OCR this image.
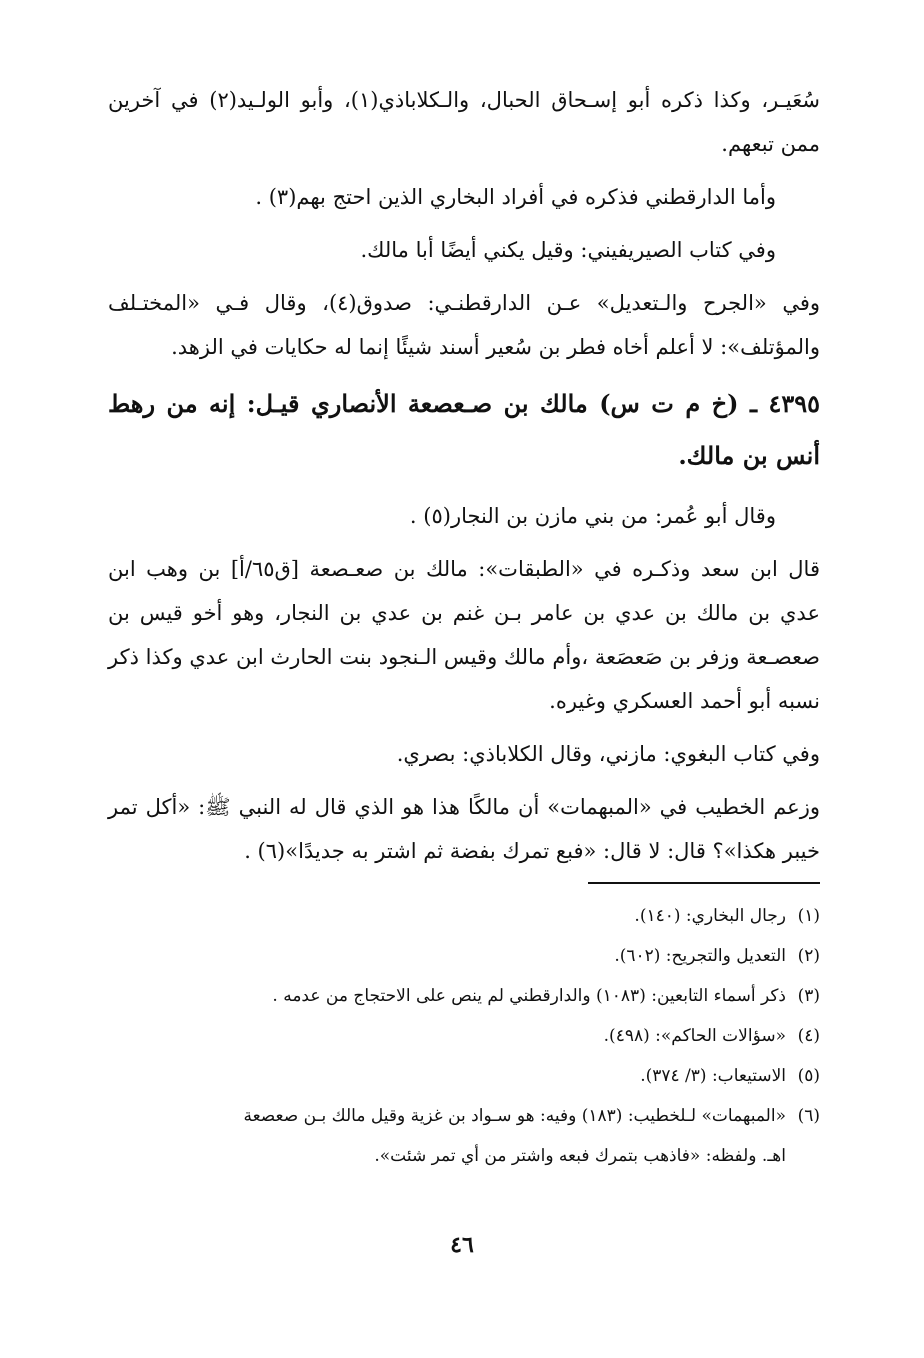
سُعَيـر، وكذا ذكره أبو إسـحاق الحبال، والـكلاباذي(١)، وأبو الولـيد(٢) في آخرين ممن تبعهم.

وأما الدارقطني فذكره في أفراد البخاري الذين احتج بهم(٣) .

وفي كتاب الصيريفيني: وقيل يكني أيضًا أبا مالك.

وفي «الجرح والـتعديل» عـن الدارقطنـي: صدوق(٤)، وقال فـي «المختـلف والمؤتلف»: لا أعلم أخاه فطر بن سُعير أسند شيئًا إنما له حكايات في الزهد.

٤٣٩٥ ـ (خ م ت س) مالك بن صـعصعة الأنصاري قيـل: إنه من رهط أنس بن مالك.

وقال أبو عُمر: من بني مازن بن النجار(٥) .

قال ابن سعد وذكـره في «الطبقات»: مالك بن صعـصعة [ق٦٥/أ] بن وهب ابن عدي بن مالك بن عدي بن عامر بـن غنم بن عدي بن النجار، وهو أخو قيس بن صعصـعة وزفر بن صَعصَعة ،وأم مالك وقيس الـنجود بنت الحارث ابن عدي وكذا ذكر نسبه أبو أحمد العسكري وغيره.

وفي كتاب البغوي: مازني، وقال الكلاباذي: بصري.

وزعم الخطيب في «المبهمات» أن مالكًا هذا هو الذي قال له النبي ﷺ: «أكل تمر خيبر هكذا»؟ قال: لا قال: «فبع تمرك بفضة ثم اشتر به جديدًا»(٦) .

(١)رجال البخاري: (١٤٠).

(٢)التعديل والتجريح: (٦٠٢).

(٣)ذكر أسماء التابعين: (١٠٨٣) والدارقطني لم ينص على الاحتجاج من عدمه .

(٤)«سؤالات الحاكم»: (٤٩٨).

(٥)الاستيعاب: (٣/ ٣٧٤).

(٦)«المبهمات» لـلخطيب: (١٨٣) وفيه: هو سـواد بن غزية وقيل مالك بـن صعصعة

اهـ. ولفظه: «فاذهب بتمرك فبعه واشتر من أي تمر شئت».

٤٦
